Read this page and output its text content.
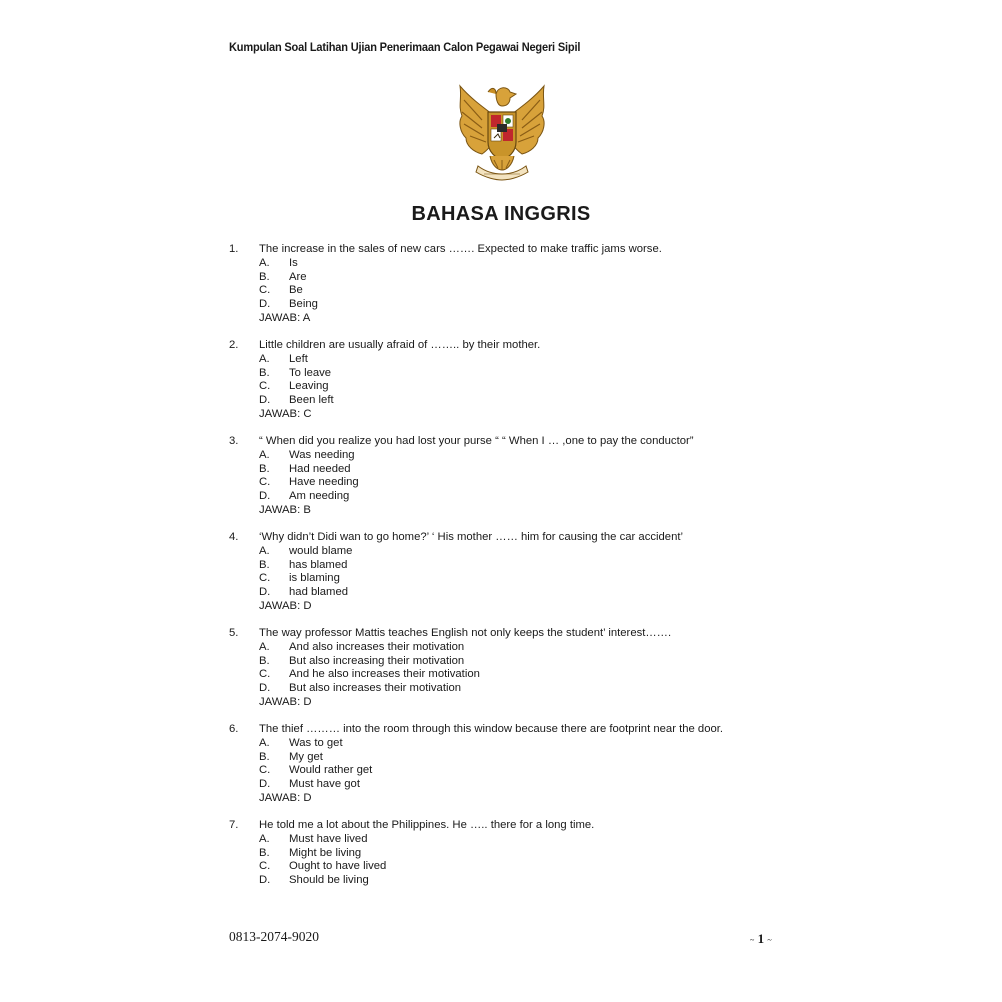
Kumpulan Soal Latihan Ujian Penerimaan Calon Pegawai Negeri Sipil
BAHASA INGGRIS
1.	The increase in the sales of new cars ……. Expected to make traffic jams worse.
A.	Is
B.	Are
C.	Be
D.	Being
JAWAB: A
2.	Little children are usually afraid of …….. by their mother.
A.	Left
B.	To leave
C.	Leaving
D.	Been left
JAWAB: C
3.	“ When did you realize you had lost your purse “ “ When I … ,one to pay the conductor”
A.	Was needing
B.	Had needed
C.	Have needing
D.	Am needing
JAWAB: B
4.	‘Why didn’t Didi wan to go home?’ ‘ His mother …… him for causing the car accident’
A.	would blame
B.	has blamed
C.	is blaming
D.	had blamed
JAWAB: D
5.	The way professor Mattis teaches English not only keeps the student’ interest…….
A.	And also increases their motivation
B.	But also increasing their motivation
C.	And he also increases their motivation
D.	But also increases their motivation
JAWAB: D
6.	The thief ……… into the room through this window because there are footprint near the door.
A.	Was to get
B.	My get
C.	Would rather get
D.	Must have got
JAWAB: D
7.	He told me a lot about the Philippines. He ….. there for a long time.
A.	Must have lived
B.	Might be living
C.	Ought to have lived
D.	Should be living
0813-2074-9020	~ 1 ~
